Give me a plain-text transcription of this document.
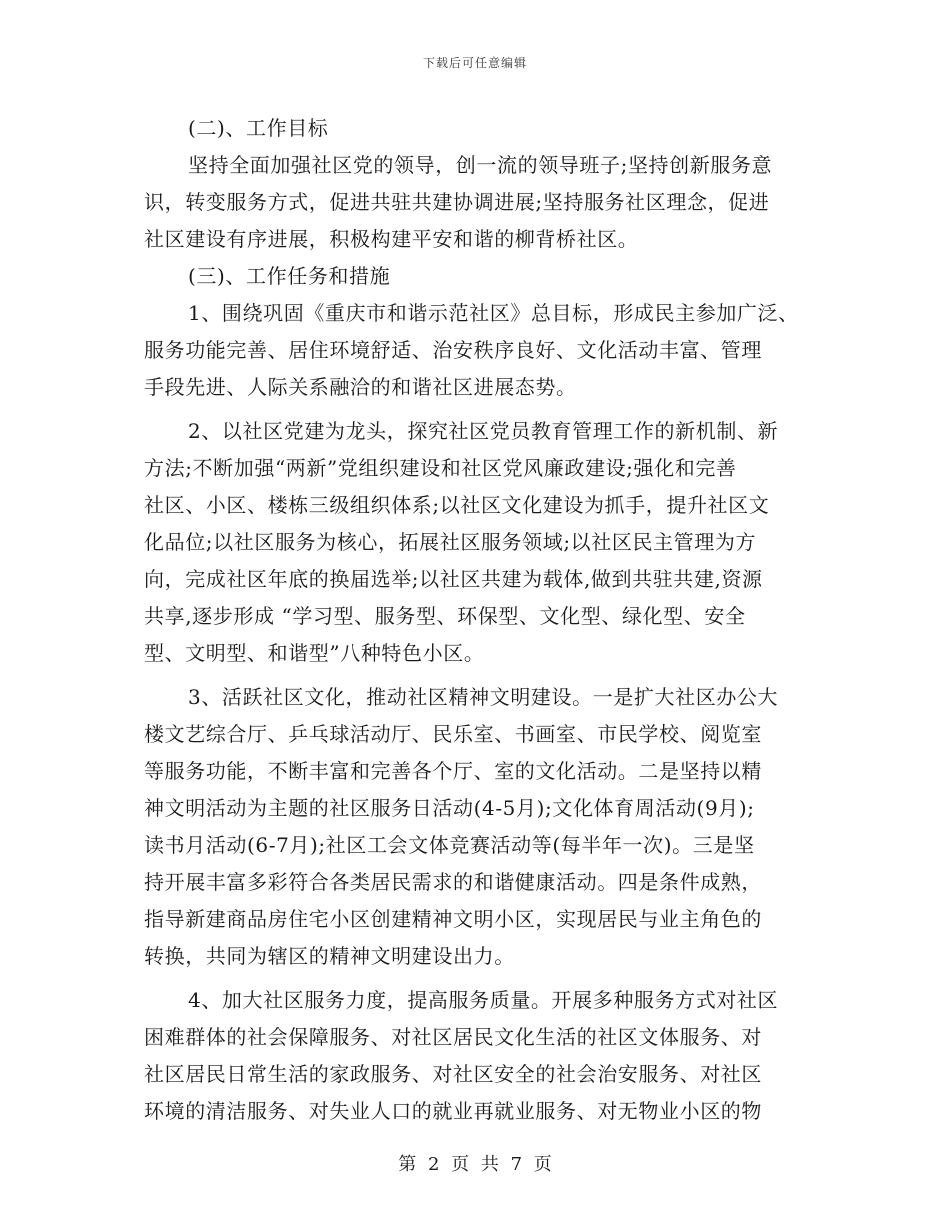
下载后可任意编辑
(二)、工作目标
坚持全面加强社区党的领导，创一流的领导班子;坚持创新服务意
识，转变服务方式，促进共驻共建协调进展;坚持服务社区理念，促进
社区建设有序进展，积极构建平安和谐的柳背桥社区。
(三)、工作任务和措施
1、围绕巩固《重庆市和谐示范社区》总目标，形成民主参加广泛、
服务功能完善、居住环境舒适、治安秩序良好、文化活动丰富、管理
手段先进、人际关系融洽的和谐社区进展态势。
2、以社区党建为龙头，探究社区党员教育管理工作的新机制、新
方法;不断加强“两新”党组织建设和社区党风廉政建设;强化和完善
社区、小区、楼栋三级组织体系;以社区文化建设为抓手，提升社区文
化品位;以社区服务为核心，拓展社区服务领域;以社区民主管理为方
向，完成社区年底的换届选举;以社区共建为载体,做到共驻共建,资源
共享,逐步形成 “学习型、服务型、环保型、文化型、绿化型、安全
型、文明型、和谐型”八种特色小区。
3、活跃社区文化，推动社区精神文明建设。一是扩大社区办公大
楼文艺综合厅、乒乓球活动厅、民乐室、书画室、市民学校、阅览室
等服务功能，不断丰富和完善各个厅、室的文化活动。二是坚持以精
神文明活动为主题的社区服务日活动(4-5月);文化体育周活动(9月);
读书月活动(6-7月);社区工会文体竞赛活动等(每半年一次)。三是坚
持开展丰富多彩符合各类居民需求的和谐健康活动。四是条件成熟，
指导新建商品房住宅小区创建精神文明小区，实现居民与业主角色的
转换，共同为辖区的精神文明建设出力。
4、加大社区服务力度，提高服务质量。开展多种服务方式对社区
困难群体的社会保障服务、对社区居民文化生活的社区文体服务、对
社区居民日常生活的家政服务、对社区安全的社会治安服务、对社区
环境的清洁服务、对失业人口的就业再就业服务、对无物业小区的物
第 2 页 共 7 页
